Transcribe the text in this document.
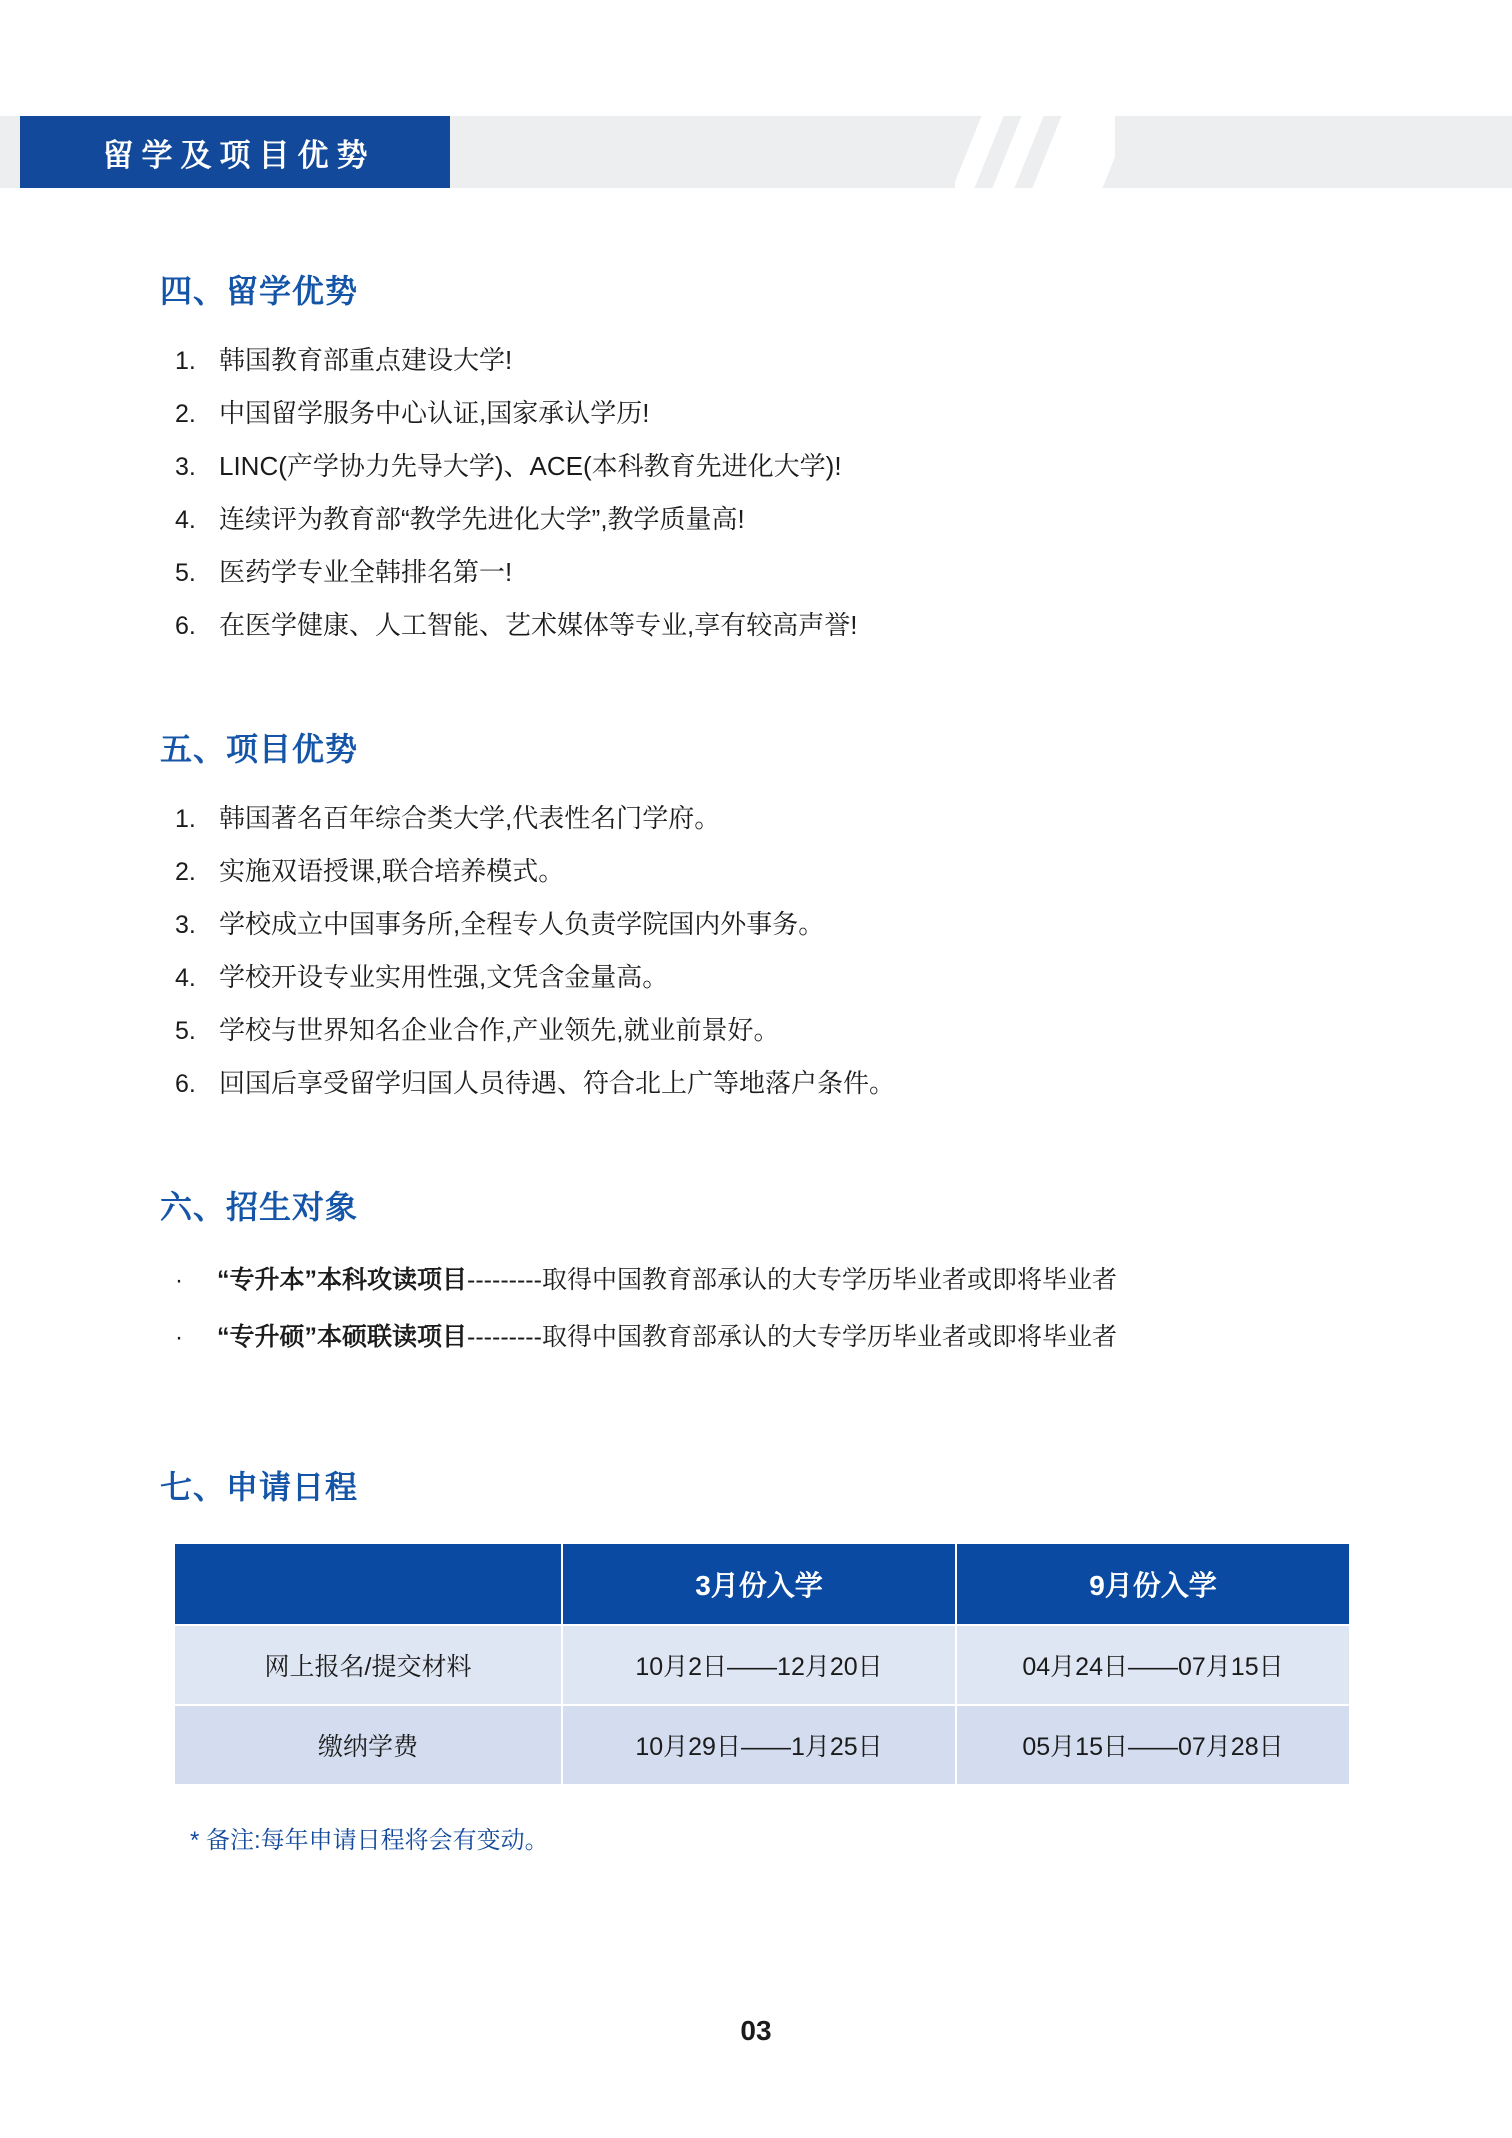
留学及项目优势
四、留学优势
1. 韩国教育部重点建设大学!
2. 中国留学服务中心认证,国家承认学历!
3. LINC(产学协力先导大学)、ACE(本科教育先进化大学)!
4. 连续评为教育部“教学先进化大学”,教学质量高!
5. 医药学专业全韩排名第一!
6. 在医学健康、人工智能、艺术媒体等专业,享有较高声誉!
五、项目优势
1. 韩国著名百年综合类大学,代表性名门学府。
2. 实施双语授课,联合培养模式。
3. 学校成立中国事务所,全程专人负责学院国内外事务。
4. 学校开设专业实用性强,文凭含金量高。
5. 学校与世界知名企业合作,产业领先,就业前景好。
6. 回国后享受留学归国人员待遇、符合北上广等地落户条件。
六、招生对象
·	“专升本”本科攻读项目---------取得中国教育部承认的大专学历毕业者或即将毕业者
·	“专升硕”本硕联读项目---------取得中国教育部承认的大专学历毕业者或即将毕业者
七、申请日程
	3月份入学	9月份入学
网上报名/提交材料	10月2日——12月20日	04月24日——07月15日
缴纳学费	10月29日——1月25日	05月15日——07月28日
* 备注:每年申请日程将会有变动。
03
